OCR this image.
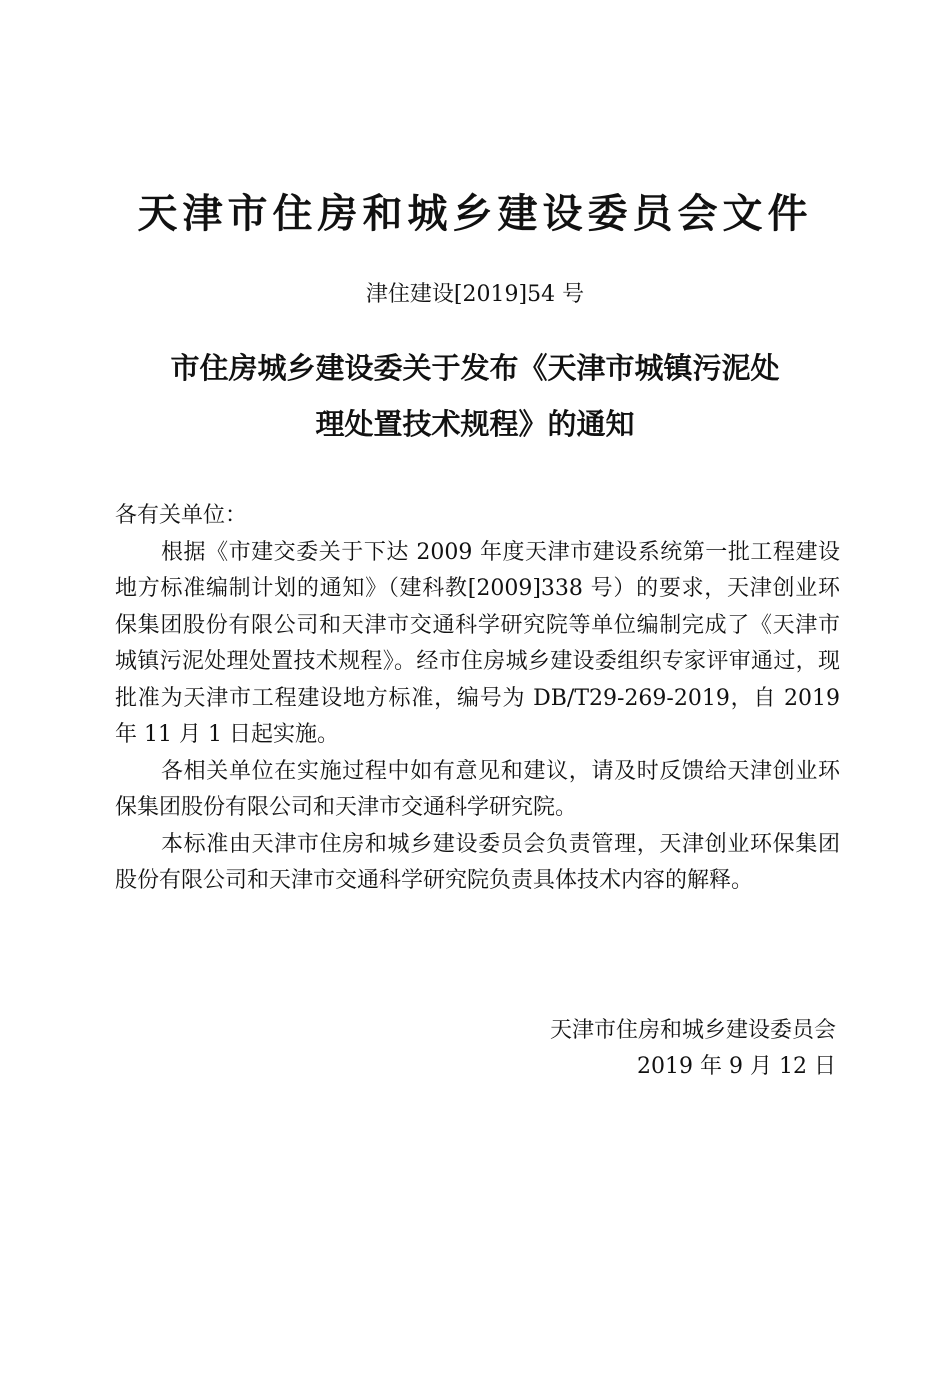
天津市住房和城乡建设委员会文件
津住建设[2019]54 号
市住房城乡建设委关于发布《天津市城镇污泥处
理处置技术规程》的通知

各有关单位：

根据《市建交委关于下达 2009 年度天津市建设系统第一批工程建设地方标准编制计划的通知》（建科教[2009]338 号）的要求，天津创业环保集团股份有限公司和天津市交通科学研究院等单位编制完成了《天津市城镇污泥处理处置技术规程》。经市住房城乡建设委组织专家评审通过，现批准为天津市工程建设地方标准，编号为 DB/T29-269-2019，自 2019 年 11 月 1 日起实施。

各相关单位在实施过程中如有意见和建议，请及时反馈给天津创业环保集团股份有限公司和天津市交通科学研究院。

本标准由天津市住房和城乡建设委员会负责管理，天津创业环保集团股份有限公司和天津市交通科学研究院负责具体技术内容的解释。

天津市住房和城乡建设委员会
2019 年 9 月 12 日
